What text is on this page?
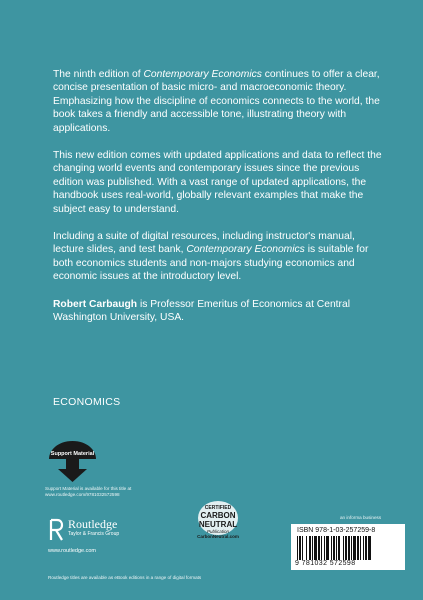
The ninth edition of Contemporary Economics continues to offer a clear, concise presentation of basic micro- and macroeconomic theory. Emphasizing how the discipline of economics connects to the world, the book takes a friendly and accessible tone, illustrating theory with applications.

This new edition comes with updated applications and data to reflect the changing world events and contemporary issues since the previous edition was published. With a vast range of updated applications, the handbook uses real-world, globally relevant examples that make the subject easy to understand.

Including a suite of digital resources, including instructor's manual, lecture slides, and test bank, Contemporary Economics is suitable for both economics students and non-majors studying economics and economic issues at the introductory level.

Robert Carbaugh is Professor Emeritus of Economics at Central Washington University, USA.

ECONOMICS
Support Material
Support Material is available for this title at
www.routledge.com/9781032572598
Routledge
Taylor & Francis Group
www.routledge.com
CERTIFIED
CARBON
NEUTRAL
Publication
CarbonNeutral.com
an informa business
ISBN 978-1-03-257259-8
9 781032 572598
Routledge titles are available as eBook editions in a range of digital formats
